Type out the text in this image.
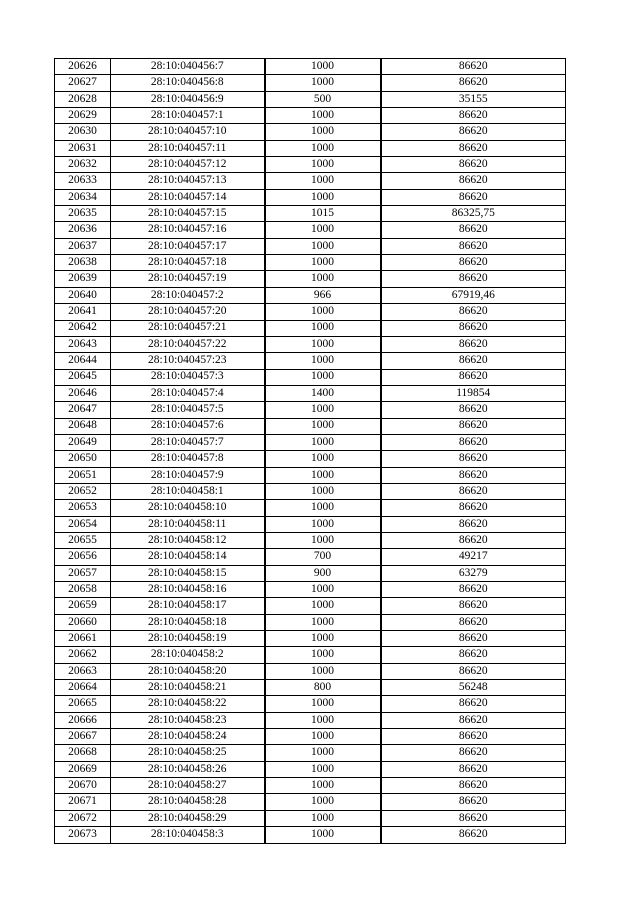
20626	28:10:040456:7	1000	86620
20627	28:10:040456:8	1000	86620
20628	28:10:040456:9	500	35155
20629	28:10:040457:1	1000	86620
20630	28:10:040457:10	1000	86620
20631	28:10:040457:11	1000	86620
20632	28:10:040457:12	1000	86620
20633	28:10:040457:13	1000	86620
20634	28:10:040457:14	1000	86620
20635	28:10:040457:15	1015	86325,75
20636	28:10:040457:16	1000	86620
20637	28:10:040457:17	1000	86620
20638	28:10:040457:18	1000	86620
20639	28:10:040457:19	1000	86620
20640	28:10:040457:2	966	67919,46
20641	28:10:040457:20	1000	86620
20642	28:10:040457:21	1000	86620
20643	28:10:040457:22	1000	86620
20644	28:10:040457:23	1000	86620
20645	28:10:040457:3	1000	86620
20646	28:10:040457:4	1400	119854
20647	28:10:040457:5	1000	86620
20648	28:10:040457:6	1000	86620
20649	28:10:040457:7	1000	86620
20650	28:10:040457:8	1000	86620
20651	28:10:040457:9	1000	86620
20652	28:10:040458:1	1000	86620
20653	28:10:040458:10	1000	86620
20654	28:10:040458:11	1000	86620
20655	28:10:040458:12	1000	86620
20656	28:10:040458:14	700	49217
20657	28:10:040458:15	900	63279
20658	28:10:040458:16	1000	86620
20659	28:10:040458:17	1000	86620
20660	28:10:040458:18	1000	86620
20661	28:10:040458:19	1000	86620
20662	28:10:040458:2	1000	86620
20663	28:10:040458:20	1000	86620
20664	28:10:040458:21	800	56248
20665	28:10:040458:22	1000	86620
20666	28:10:040458:23	1000	86620
20667	28:10:040458:24	1000	86620
20668	28:10:040458:25	1000	86620
20669	28:10:040458:26	1000	86620
20670	28:10:040458:27	1000	86620
20671	28:10:040458:28	1000	86620
20672	28:10:040458:29	1000	86620
20673	28:10:040458:3	1000	86620
